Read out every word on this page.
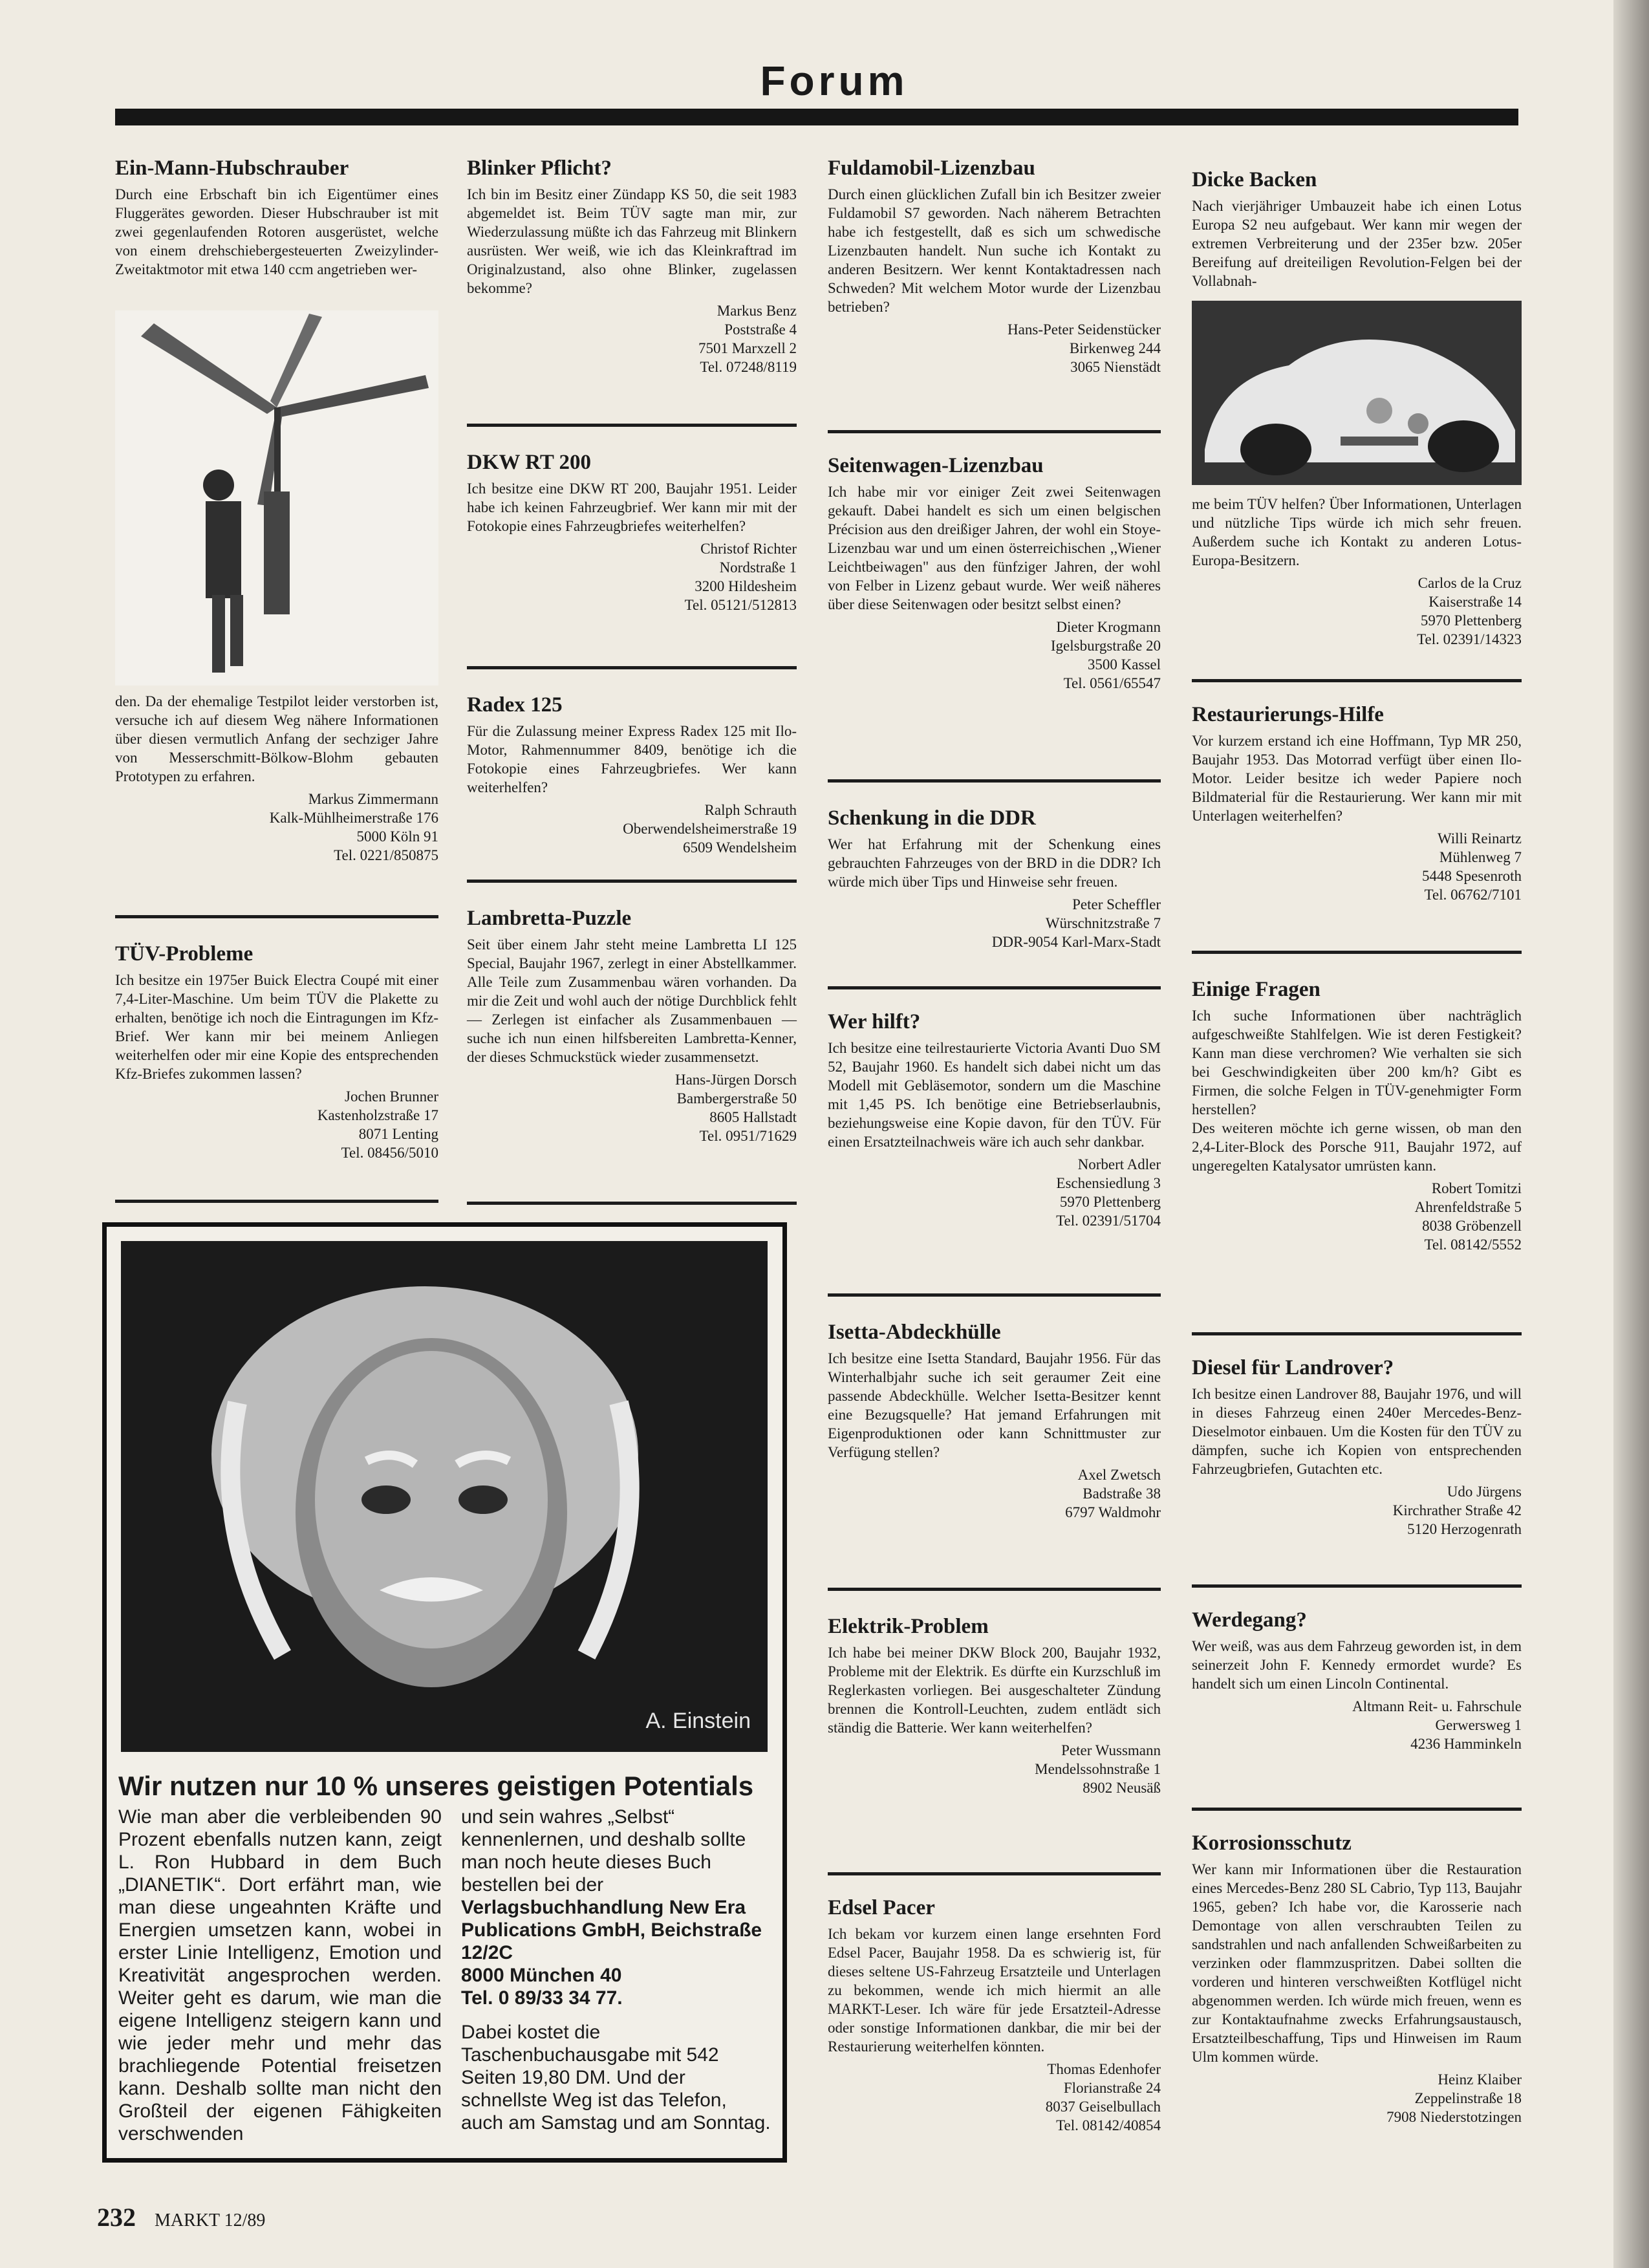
Forum
Ein-Mann-Hubschrauber

Durch eine Erbschaft bin ich Eigentümer eines Fluggerätes geworden. Dieser Hubschrauber ist mit zwei gegenlaufenden Rotoren ausgerüstet, welche von einem drehschiebergesteuerten Zweizylinder-Zweitaktmotor mit etwa 140 ccm angetrieben wer-

den. Da der ehemalige Testpilot leider verstorben ist, versuche ich auf diesem Weg nähere Informationen über diesen vermutlich Anfang der sechziger Jahre von Messerschmitt-Bölkow-Blohm gebauten Prototypen zu erfahren.

Markus Zimmermann
Kalk-Mühlheimerstraße 176
5000 Köln 91
Tel. 0221/850875
TÜV-Probleme

Ich besitze ein 1975er Buick Electra Coupé mit einer 7,4-Liter-Maschine. Um beim TÜV die Plakette zu erhalten, benötige ich noch die Eintragungen im Kfz-Brief. Wer kann mir bei meinem Anliegen weiterhelfen oder mir eine Kopie des entsprechenden Kfz-Briefes zukommen lassen?

Jochen Brunner
Kastenholzstraße 17
8071 Lenting
Tel. 08456/5010
Blinker Pflicht?

Ich bin im Besitz einer Zündapp KS 50, die seit 1983 abgemeldet ist. Beim TÜV sagte man mir, zur Wiederzulassung müßte ich das Fahrzeug mit Blinkern ausrüsten. Wer weiß, wie ich das Kleinkraftrad im Originalzustand, also ohne Blinker, zugelassen bekomme?

Markus Benz
Poststraße 4
7501 Marxzell 2
Tel. 07248/8119
DKW RT 200

Ich besitze eine DKW RT 200, Baujahr 1951. Leider habe ich keinen Fahrzeugbrief. Wer kann mir mit der Fotokopie eines Fahrzeugbriefes weiterhelfen?

Christof Richter
Nordstraße 1
3200 Hildesheim
Tel. 05121/512813
Radex 125

Für die Zulassung meiner Express Radex 125 mit Ilo-Motor, Rahmennummer 8409, benötige ich die Fotokopie eines Fahrzeugbriefes. Wer kann weiterhelfen?

Ralph Schrauth
Oberwendelsheimerstraße 19
6509 Wendelsheim
Lambretta-Puzzle

Seit über einem Jahr steht meine Lambretta LI 125 Special, Baujahr 1967, zerlegt in einer Abstellkammer. Alle Teile zum Zusammenbau wären vorhanden. Da mir die Zeit und wohl auch der nötige Durchblick fehlt — Zerlegen ist einfacher als Zusammenbauen — suche ich nun einen hilfsbereiten Lambretta-Kenner, der dieses Schmuckstück wieder zusammensetzt.

Hans-Jürgen Dorsch
Bambergerstraße 50
8605 Hallstadt
Tel. 0951/71629
Fuldamobil-Lizenzbau

Durch einen glücklichen Zufall bin ich Besitzer zweier Fuldamobil S7 geworden. Nach näherem Betrachten habe ich festgestellt, daß es sich um schwedische Lizenzbauten handelt. Nun suche ich Kontakt zu anderen Besitzern. Wer kennt Kontaktadressen nach Schweden? Mit welchem Motor wurde der Lizenzbau betrieben?

Hans-Peter Seidenstücker
Birkenweg 244
3065 Nienstädt
Seitenwagen-Lizenzbau

Ich habe mir vor einiger Zeit zwei Seitenwagen gekauft. Dabei handelt es sich um einen belgischen Précision aus den dreißiger Jahren, der wohl ein Stoye-Lizenzbau war und um einen österreichischen ,,Wiener Leichtbeiwagen" aus den fünfziger Jahren, der wohl von Felber in Lizenz gebaut wurde. Wer weiß näheres über diese Seitenwagen oder besitzt selbst einen?

Dieter Krogmann
Igelsburgstraße 20
3500 Kassel
Tel. 0561/65547
Schenkung in die DDR

Wer hat Erfahrung mit der Schenkung eines gebrauchten Fahrzeuges von der BRD in die DDR? Ich würde mich über Tips und Hinweise sehr freuen.

Peter Scheffler
Würschnitzstraße 7
DDR-9054 Karl-Marx-Stadt
Wer hilft?

Ich besitze eine teilrestaurierte Victoria Avanti Duo SM 52, Baujahr 1960. Es handelt sich dabei nicht um das Modell mit Gebläsemotor, sondern um die Maschine mit 1,45 PS. Ich benötige eine Betriebserlaubnis, beziehungsweise eine Kopie davon, für den TÜV. Für einen Ersatzteilnachweis wäre ich auch sehr dankbar.

Norbert Adler
Eschensiedlung 3
5970 Plettenberg
Tel. 02391/51704
Isetta-Abdeckhülle

Ich besitze eine Isetta Standard, Baujahr 1956. Für das Winterhalbjahr suche ich seit geraumer Zeit eine passende Abdeckhülle. Welcher Isetta-Besitzer kennt eine Bezugsquelle? Hat jemand Erfahrungen mit Eigenproduktionen oder kann Schnittmuster zur Verfügung stellen?

Axel Zwetsch
Badstraße 38
6797 Waldmohr
Elektrik-Problem

Ich habe bei meiner DKW Block 200, Baujahr 1932, Probleme mit der Elektrik. Es dürfte ein Kurzschluß im Reglerkasten vorliegen. Bei ausgeschalteter Zündung brennen die Kontroll-Leuchten, zudem entlädt sich ständig die Batterie. Wer kann weiterhelfen?

Peter Wussmann
Mendelssohnstraße 1
8902 Neusäß
Edsel Pacer

Ich bekam vor kurzem einen lange ersehnten Ford Edsel Pacer, Baujahr 1958. Da es schwierig ist, für dieses seltene US-Fahrzeug Ersatzteile und Unterlagen zu bekommen, wende ich mich hiermit an alle MARKT-Leser. Ich wäre für jede Ersatzteil-Adresse oder sonstige Informationen dankbar, die mir bei der Restaurierung weiterhelfen könnten.

Thomas Edenhofer
Florianstraße 24
8037 Geiselbullach
Tel. 08142/40854
Dicke Backen

Nach vierjähriger Umbauzeit habe ich einen Lotus Europa S2 neu aufgebaut. Wer kann mir wegen der extremen Verbreiterung und der 235er bzw. 205er Bereifung auf dreiteiligen Revolution-Felgen bei der Vollabnah-

me beim TÜV helfen? Über Informationen, Unterlagen und nützliche Tips würde ich mich sehr freuen. Außerdem suche ich Kontakt zu anderen Lotus-Europa-Besitzern.

Carlos de la Cruz
Kaiserstraße 14
5970 Plettenberg
Tel. 02391/14323
Restaurierungs-Hilfe

Vor kurzem erstand ich eine Hoffmann, Typ MR 250, Baujahr 1953. Das Motorrad verfügt über einen Ilo-Motor. Leider besitze ich weder Papiere noch Bildmaterial für die Restaurierung. Wer kann mir mit Unterlagen weiterhelfen?

Willi Reinartz
Mühlenweg 7
5448 Spesenroth
Tel. 06762/7101
Einige Fragen

Ich suche Informationen über nachträglich aufgeschweißte Stahlfelgen. Wie ist deren Festigkeit? Kann man diese verchromen? Wie verhalten sie sich bei Geschwindigkeiten über 200 km/h? Gibt es Firmen, die solche Felgen in TÜV-genehmigter Form herstellen?

Des weiteren möchte ich gerne wissen, ob man den 2,4-Liter-Block des Porsche 911, Baujahr 1972, auf ungeregelten Katalysator umrüsten kann.

Robert Tomitzi
Ahrenfeldstraße 5
8038 Gröbenzell
Tel. 08142/5552
Diesel für Landrover?

Ich besitze einen Landrover 88, Baujahr 1976, und will in dieses Fahrzeug einen 240er Mercedes-Benz-Dieselmotor einbauen. Um die Kosten für den TÜV zu dämpfen, suche ich Kopien von entsprechenden Fahrzeugbriefen, Gutachten etc.

Udo Jürgens
Kirchrather Straße 42
5120 Herzogenrath
Werdegang?

Wer weiß, was aus dem Fahrzeug geworden ist, in dem seinerzeit John F. Kennedy ermordet wurde? Es handelt sich um einen Lincoln Continental.

Altmann Reit- u. Fahrschule
Gerwersweg 1
4236 Hamminkeln
Korrosionsschutz

Wer kann mir Informationen über die Restauration eines Mercedes-Benz 280 SL Cabrio, Typ 113, Baujahr 1965, geben? Ich habe vor, die Karosserie nach Demontage von allen verschraubten Teilen zu sandstrahlen und nach anfallenden Schweißarbeiten zu verzinken oder flammzuspritzen. Dabei sollten die vorderen und hinteren verschweißten Kotflügel nicht abgenommen werden. Ich würde mich freuen, wenn es zur Kontaktaufnahme zwecks Erfahrungsaustausch, Ersatzteilbeschaffung, Tips und Hinweisen im Raum Ulm kommen würde.

Heinz Klaiber
Zeppelinstraße 18
7908 Niederstotzingen
A. Einstein
Wir nutzen nur 10 % unseres geistigen Potentials
Wie man aber die verbleibenden 90 Prozent ebenfalls nutzen kann, zeigt L. Ron Hubbard in dem Buch „DIANETIK“. Dort erfährt man, wie man diese ungeahnten Kräfte und Energien umsetzen kann, wobei in erster Linie Intelligenz, Emotion und Kreativität angesprochen werden. Weiter geht es darum, wie man die eigene Intelligenz steigern kann und wie jeder mehr und mehr das brachliegende Potential freisetzen kann. Deshalb sollte man nicht den Großteil der eigenen Fähigkeiten verschwenden
und sein wahres „Selbst“ kennenlernen, und deshalb sollte man noch heute dieses Buch bestellen bei der
Verlagsbuchhandlung New Era Publications GmbH, Beichstraße 12/2C
8000 München 40
Tel. 0 89/33 34 77.
Dabei kostet die Taschenbuchausgabe mit 542 Seiten 19,80 DM. Und der schnellste Weg ist das Telefon, auch am Samstag und am Sonntag.
232 MARKT 12/89
